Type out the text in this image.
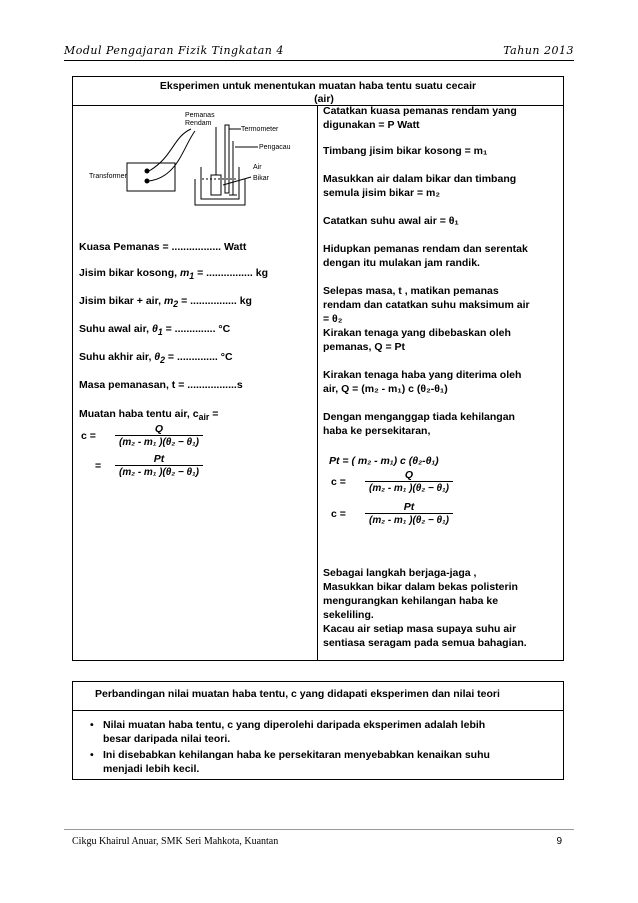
Modul Pengajaran Fizik Tingkatan 4	Tahun 2013
Eksperimen untuk menentukan muatan haba tentu suatu cecair
(air)
Pemanas
Rendam
Termometer
Pengacau
Air
Bikar
Transformer
Kuasa Pemanas = ................. Watt
Jisim bikar kosong, $m_1$ = ................ kg
Jisim bikar + air, $m_2$ = ................ kg
Suhu awal air, $\theta_1$ = .............. °C
Suhu akhir air, $\theta_2$ = .............. °C
Masa pemanasan, t = .................s
Muatan haba tentu air, $c_{air}$ =
$c = \frac{Q}{\text{(m₂ - m₁ )(θ₂ − θ₁)}}$
= $\frac{Pt}{\text{(m₂ - m₁ )(θ₂ − θ₁)}}$
Catatkan kuasa pemanas rendam yang
digunakan = P Watt
Timbang jisim bikar kosong = m₁
Masukkan air dalam bikar dan timbang
semula jisim bikar = m₂
Catatkan suhu awal air = θ₁
Hidupkan pemanas rendam dan serentak
dengan itu mulakan jam randik.
Selepas masa, t , matikan pemanas
rendam dan catatkan suhu maksimum air
= θ₂
Kirakan tenaga yang dibebaskan oleh
pemanas, Q = Pt
Kirakan tenaga haba yang diterima oleh
air, Q = (m₂ - m₁) c (θ₂-θ₁)
Dengan menganggap tiada kehilangan
haba ke persekitaran,
Pt = ( m₂ - m₁) c (θ₂-θ₁)
$c = \frac{Q}{\text{(m₂ - m₁ )(θ₂ − θ₁)}}$
$c = \frac{Pt}{\text{(m₂ - m₁ )(θ₂ − θ₁)}}$
Sebagai langkah berjaga-jaga ,
Masukkan bikar dalam bekas polisterin
mengurangkan kehilangan haba ke
sekeliling.
Kacau air setiap masa supaya suhu air
sentiasa seragam pada semua bahagian.
Perbandingan nilai muatan haba tentu, c yang didapati eksperimen dan nilai teori
• Nilai muatan haba tentu, c yang diperolehi daripada eksperimen adalah lebih
besar daripada nilai teori.
• Ini disebabkan kehilangan haba ke persekitaran menyebabkan kenaikan suhu
menjadi lebih kecil.
Cikgu Khairul Anuar, SMK Seri Mahkota, Kuantan	9
